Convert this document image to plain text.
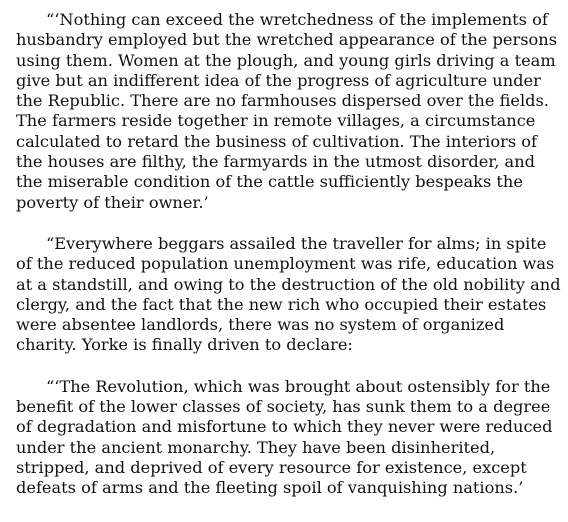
“‘Nothing can exceed the wretchedness of the implements of
husbandry employed but the wretched appearance of the persons
using them. Women at the plough, and young girls driving a team
give but an indifferent idea of the progress of agriculture under
the Republic. There are no farmhouses dispersed over the fields.
The farmers reside together in remote villages, a circumstance
calculated to retard the business of cultivation. The interiors of
the houses are filthy, the farmyards in the utmost disorder, and
the miserable condition of the cattle sufficiently bespeaks the
poverty of their owner.’

“Everywhere beggars assailed the traveller for alms; in spite
of the reduced population unemployment was rife, education was
at a standstill, and owing to the destruction of the old nobility and
clergy, and the fact that the new rich who occupied their estates
were absentee landlords, there was no system of organized
charity. Yorke is finally driven to declare:

“‘The Revolution, which was brought about ostensibly for the
benefit of the lower classes of society, has sunk them to a degree
of degradation and misfortune to which they never were reduced
under the ancient monarchy. They have been disinherited,
stripped, and deprived of every resource for existence, except
defeats of arms and the fleeting spoil of vanquishing nations.’
